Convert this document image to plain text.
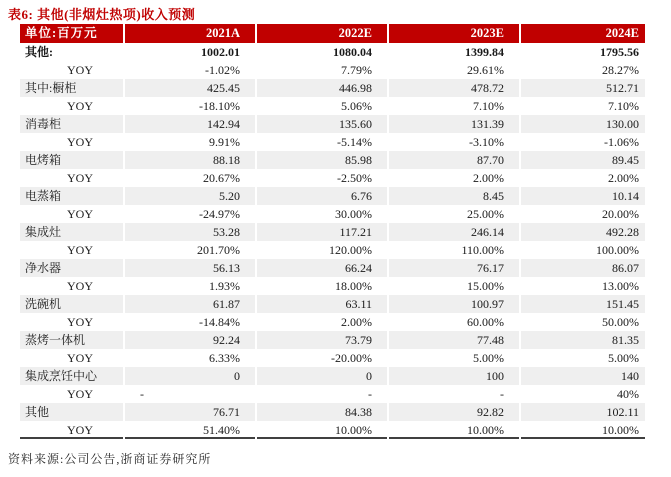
表6: 其他(非烟灶热项)收入预测
单位:百万元	2021A	2022E	2023E	2024E
其他:	1002.01	1080.04	1399.84	1795.56
YOY	-1.02%	7.79%	29.61%	28.27%
其中:橱柜	425.45	446.98	478.72	512.71
YOY	-18.10%	5.06%	7.10%	7.10%
消毒柜	142.94	135.60	131.39	130.00
YOY	9.91%	-5.14%	-3.10%	-1.06%
电烤箱	88.18	85.98	87.70	89.45
YOY	20.67%	-2.50%	2.00%	2.00%
电蒸箱	5.20	6.76	8.45	10.14
YOY	-24.97%	30.00%	25.00%	20.00%
集成灶	53.28	117.21	246.14	492.28
YOY	201.70%	120.00%	110.00%	100.00%
净水器	56.13	66.24	76.17	86.07
YOY	1.93%	18.00%	15.00%	13.00%
洗碗机	61.87	63.11	100.97	151.45
YOY	-14.84%	2.00%	60.00%	50.00%
蒸烤一体机	92.24	73.79	77.48	81.35
YOY	6.33%	-20.00%	5.00%	5.00%
集成烹饪中心	0	0	100	140
YOY	-	-	-	40%
其他	76.71	84.38	92.82	102.11
YOY	51.40%	10.00%	10.00%	10.00%
资料来源:公司公告,浙商证券研究所
